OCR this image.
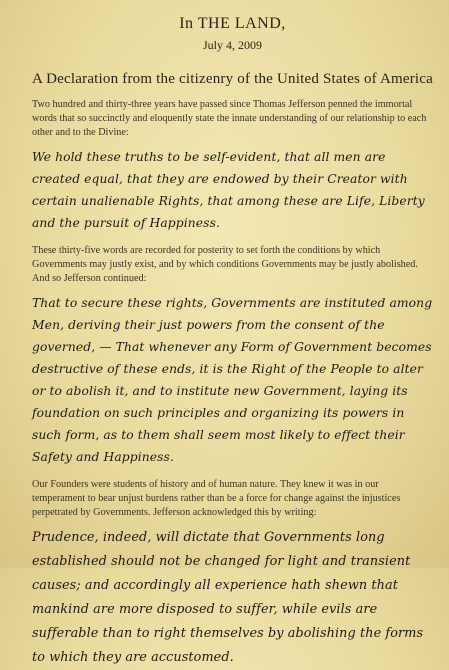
In THE LAND,
July 4, 2009
A Declaration from the citizenry of the United States of America
Two hundred and thirty-three years have passed since Thomas Jefferson penned the immortal words that so succinctly and eloquently state the innate understanding of our relationship to each other and to the Divine:
We hold these truths to be self-evident, that all men are created equal, that they are endowed by their Creator with certain unalienable Rights, that among these are Life, Liberty and the pursuit of Happiness.
These thirty-five words are recorded for posterity to set forth the conditions by which Governments may justly exist, and by which conditions Governments may be justly abolished. And so Jefferson continued:
That to secure these rights, Governments are instituted among Men, deriving their just powers from the consent of the governed, — That whenever any Form of Government becomes destructive of these ends, it is the Right of the People to alter or to abolish it, and to institute new Government, laying its foundation on such principles and organizing its powers in such form, as to them shall seem most likely to effect their Safety and Happiness.
Our Founders were students of history and of human nature. They knew it was in our temperament to bear unjust burdens rather than be a force for change against the injustices perpetrated by Governments. Jefferson acknowledged this by writing:
Prudence, indeed, will dictate that Governments long established should not be changed for light and transient causes; and accordingly all experience hath shewn that mankind are more disposed to suffer, while evils are sufferable than to right themselves by abolishing the forms to which they are accustomed.
